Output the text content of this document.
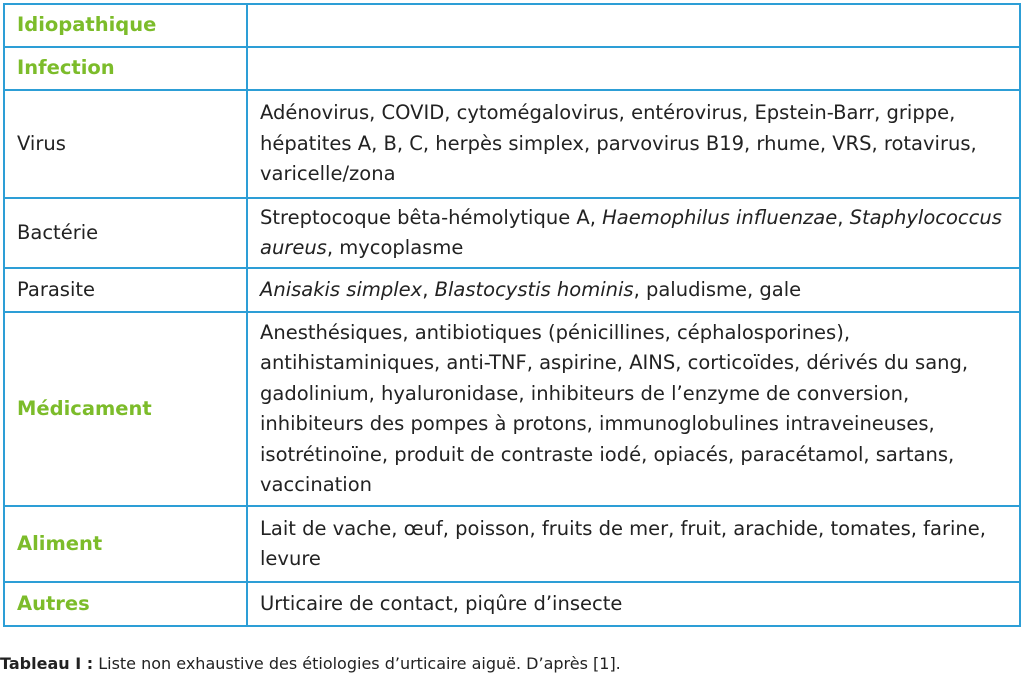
Idiopathique	
Infection	
Virus	Adénovirus, COVID, cytomégalovirus, entérovirus, Epstein-Barr, grippe, hépatites A, B, C, herpès simplex, parvovirus B19, rhume, VRS, rotavirus, varicelle/zona
Bactérie	Streptocoque bêta-hémolytique A, Haemophilus influenzae, Staphylococcus aureus, mycoplasme
Parasite	Anisakis simplex, Blastocystis hominis, paludisme, gale
Médicament	Anesthésiques, antibiotiques (pénicillines, céphalosporines), antihistaminiques, anti-TNF, aspirine, AINS, corticoïdes, dérivés du sang, gadolinium, hyaluronidase, inhibiteurs de l’enzyme de conversion, inhibiteurs des pompes à protons, immunoglobulines intraveineuses, isotrétinoïne, produit de contraste iodé, opiacés, paracétamol, sartans, vaccination
Aliment	Lait de vache, œuf, poisson, fruits de mer, fruit, arachide, tomates, farine, levure
Autres	Urticaire de contact, piqûre d’insecte
Tableau I : Liste non exhaustive des étiologies d’urticaire aiguë. D’après [1].
